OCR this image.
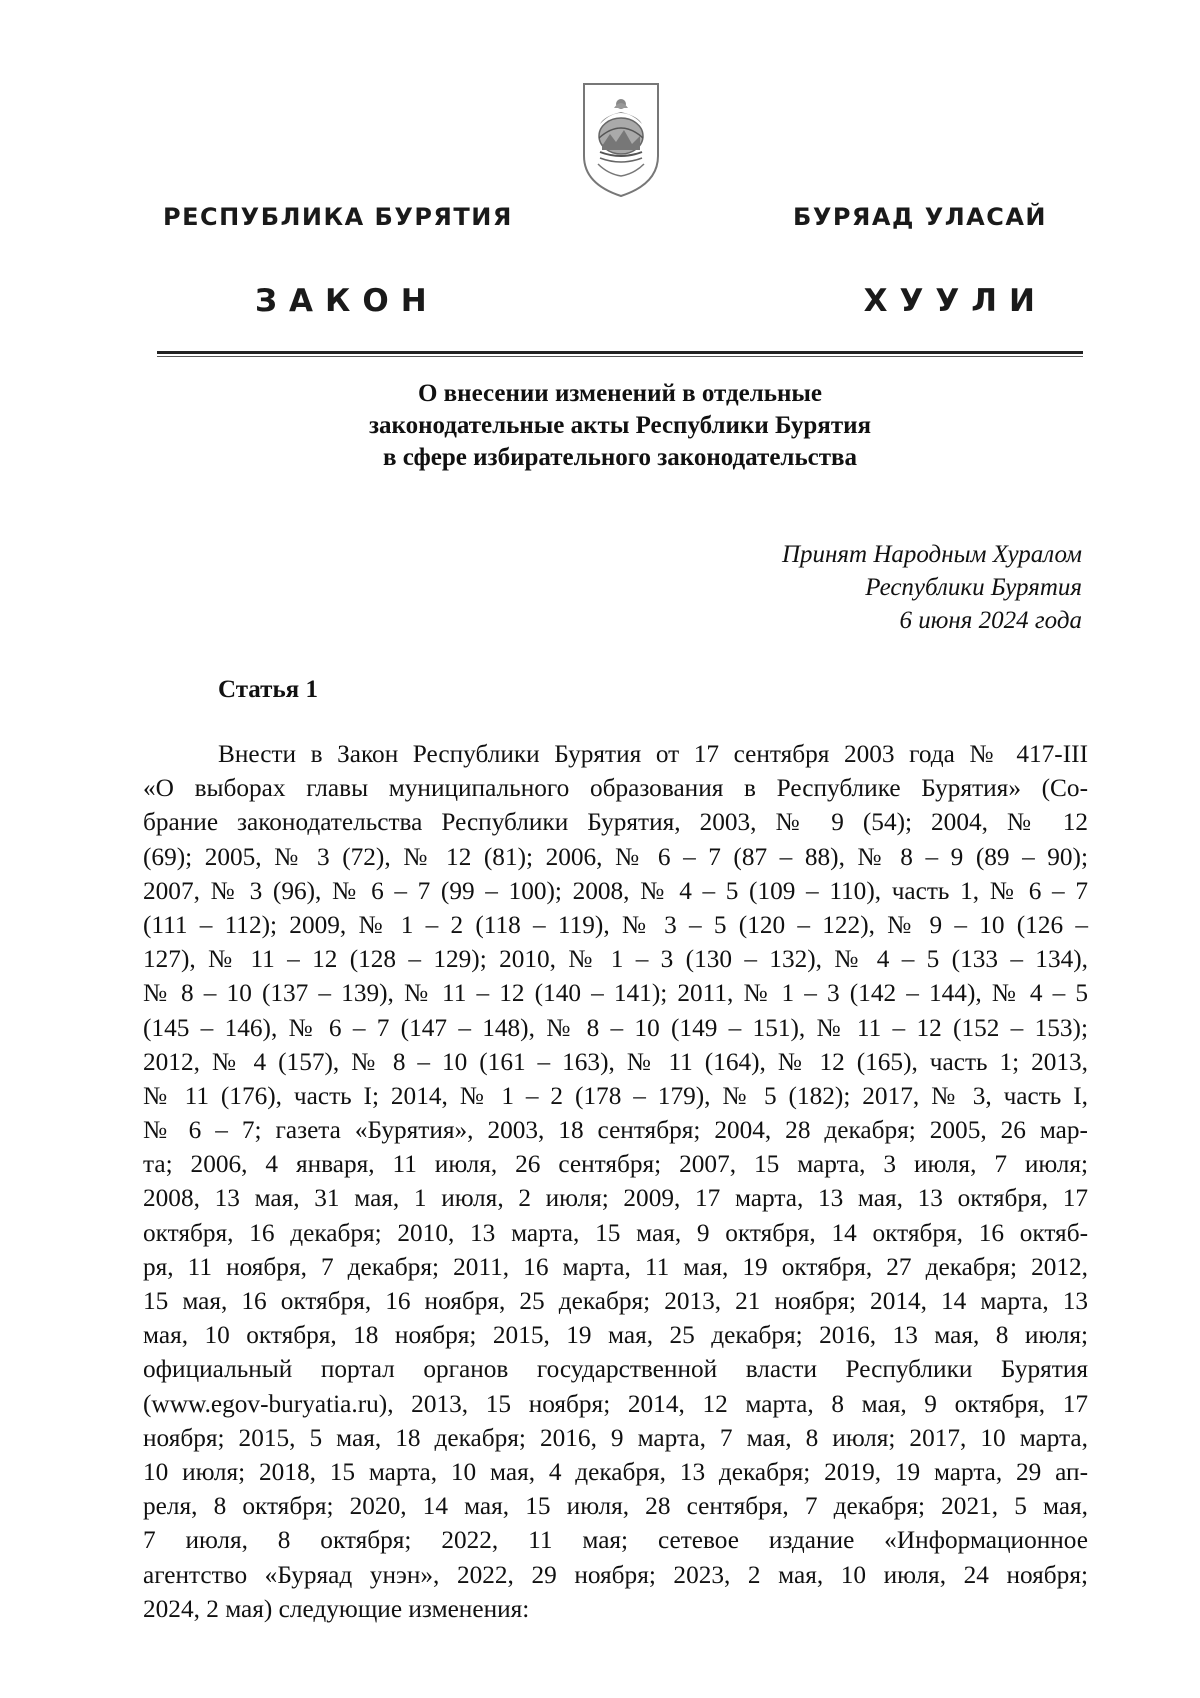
РЕСПУБЛИКА БУРЯТИЯ	БУРЯАД УЛАСАЙ
ЗАКОН	ХУУЛИ
О внесении изменений в отдельные
законодательные акты Республики Бурятия
в сфере избирательного законодательства
Принят Народным Хуралом
Республики Бурятия
6 июня 2024 года
Статья 1
Внести в Закон Республики Бурятия от 17 сентября 2003 года № 417-III
«О выборах главы муниципального образования в Республике Бурятия» (Со-
брание законодательства Республики Бурятия, 2003, № 9 (54); 2004, № 12
(69); 2005, № 3 (72), № 12 (81); 2006, № 6 – 7 (87 – 88), № 8 – 9 (89 – 90);
2007, № 3 (96), № 6 – 7 (99 – 100); 2008, № 4 – 5 (109 – 110), часть 1, № 6 – 7
(111 – 112); 2009, № 1 – 2 (118 – 119), № 3 – 5 (120 – 122), № 9 – 10 (126 –
127), № 11 – 12 (128 – 129); 2010, № 1 – 3 (130 – 132), № 4 – 5 (133 – 134),
№ 8 – 10 (137 – 139), № 11 – 12 (140 – 141); 2011, № 1 – 3 (142 – 144), № 4 – 5
(145 – 146), № 6 – 7 (147 – 148), № 8 – 10 (149 – 151), № 11 – 12 (152 – 153);
2012, № 4 (157), № 8 – 10 (161 – 163), № 11 (164), № 12 (165), часть 1; 2013,
№ 11 (176), часть I; 2014, № 1 – 2 (178 – 179), № 5 (182); 2017, № 3, часть I,
№ 6 – 7; газета «Бурятия», 2003, 18 сентября; 2004, 28 декабря; 2005, 26 мар-
та; 2006, 4 января, 11 июля, 26 сентября; 2007, 15 марта, 3 июля, 7 июля;
2008, 13 мая, 31 мая, 1 июля, 2 июля; 2009, 17 марта, 13 мая, 13 октября, 17
октября, 16 декабря; 2010, 13 марта, 15 мая, 9 октября, 14 октября, 16 октяб-
ря, 11 ноября, 7 декабря; 2011, 16 марта, 11 мая, 19 октября, 27 декабря; 2012,
15 мая, 16 октября, 16 ноября, 25 декабря; 2013, 21 ноября; 2014, 14 марта, 13
мая, 10 октября, 18 ноября; 2015, 19 мая, 25 декабря; 2016, 13 мая, 8 июля;
официальный портал органов государственной власти Республики Бурятия
(www.egov-buryatia.ru), 2013, 15 ноября; 2014, 12 марта, 8 мая, 9 октября, 17
ноября; 2015, 5 мая, 18 декабря; 2016, 9 марта, 7 мая, 8 июля; 2017, 10 марта,
10 июля; 2018, 15 марта, 10 мая, 4 декабря, 13 декабря; 2019, 19 марта, 29 ап-
реля, 8 октября; 2020, 14 мая, 15 июля, 28 сентября, 7 декабря; 2021, 5 мая,
7 июля, 8 октября; 2022, 11 мая; сетевое издание «Информационное
агентство «Буряад унэн», 2022, 29 ноября; 2023, 2 мая, 10 июля, 24 ноября;
2024, 2 мая) следующие изменения:
